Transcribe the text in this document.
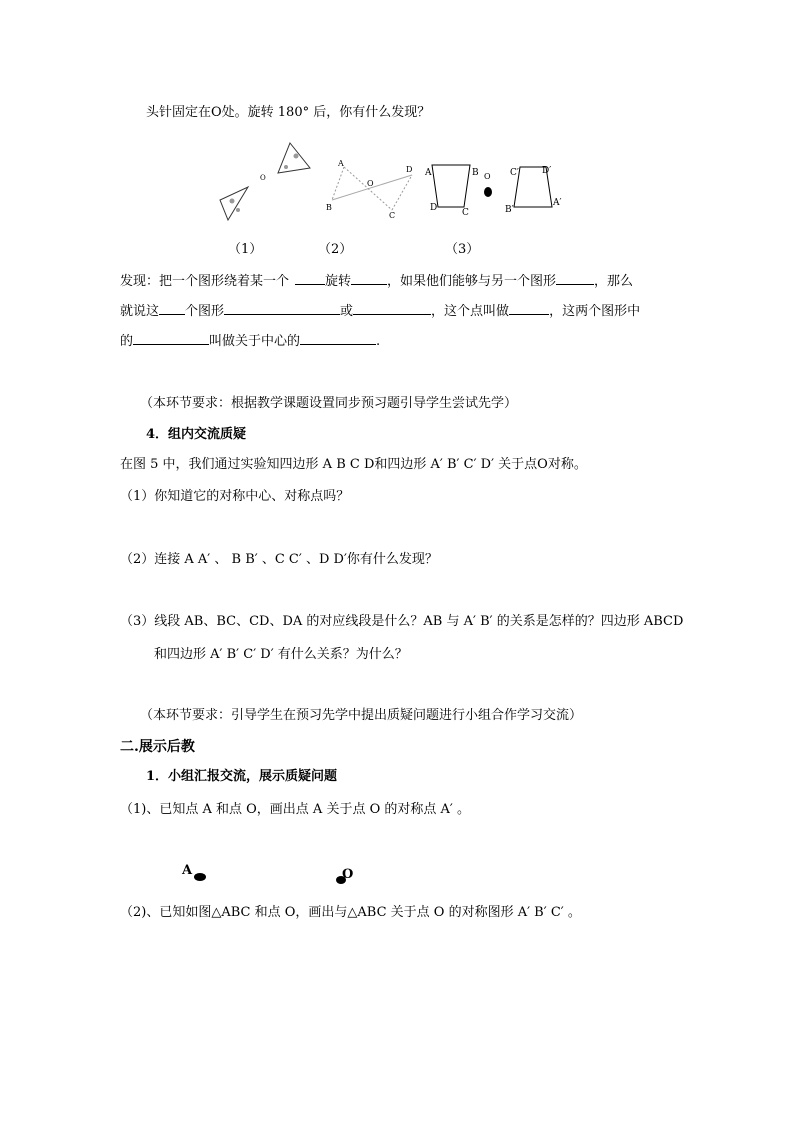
头针固定在O处。旋转 180° 后，你有什么发现？
O
A
B
O
D
C
A	B
D	C
O C′	D′
B′
A′
（1）	（2）	（3）
发现：把一个图形绕着某一个	旋转	，如果他们能够与另一个图形	，那么
就说这 个图形	或	，这个点叫做	，这两个图形中
的	叫做关于中心的	.
（本环节要求：根据教学课题设置同步预习题引导学生尝试先学）
4．组内交流质疑
在图 5 中，我们通过实验知四边形 A B C D和四边形 A′ B′ C′ D′ 关于点O对称。
（1）你知道它的对称中心、对称点吗？
（2）连接 A A′ 、 B B′ 、C C′ 、D D′你有什么发现？
（3）线段 AB、BC、CD、DA 的对应线段是什么？AB 与 A′ B′ 的关系是怎样的？四边形 ABCD
和四边形 A′ B′ C′ D′ 有什么关系？为什么？
（本环节要求：引导学生在预习先学中提出质疑问题进行小组合作学习交流）
二.展示后教
1．小组汇报交流，展示质疑问题
（1)、已知点 A 和点 O，画出点 A 关于点 O 的对称点 A′ 。
A	O
（2)、已知如图△ABC 和点 O，画出与△ABC 关于点 O 的对称图形 A′ B′ C′ 。
